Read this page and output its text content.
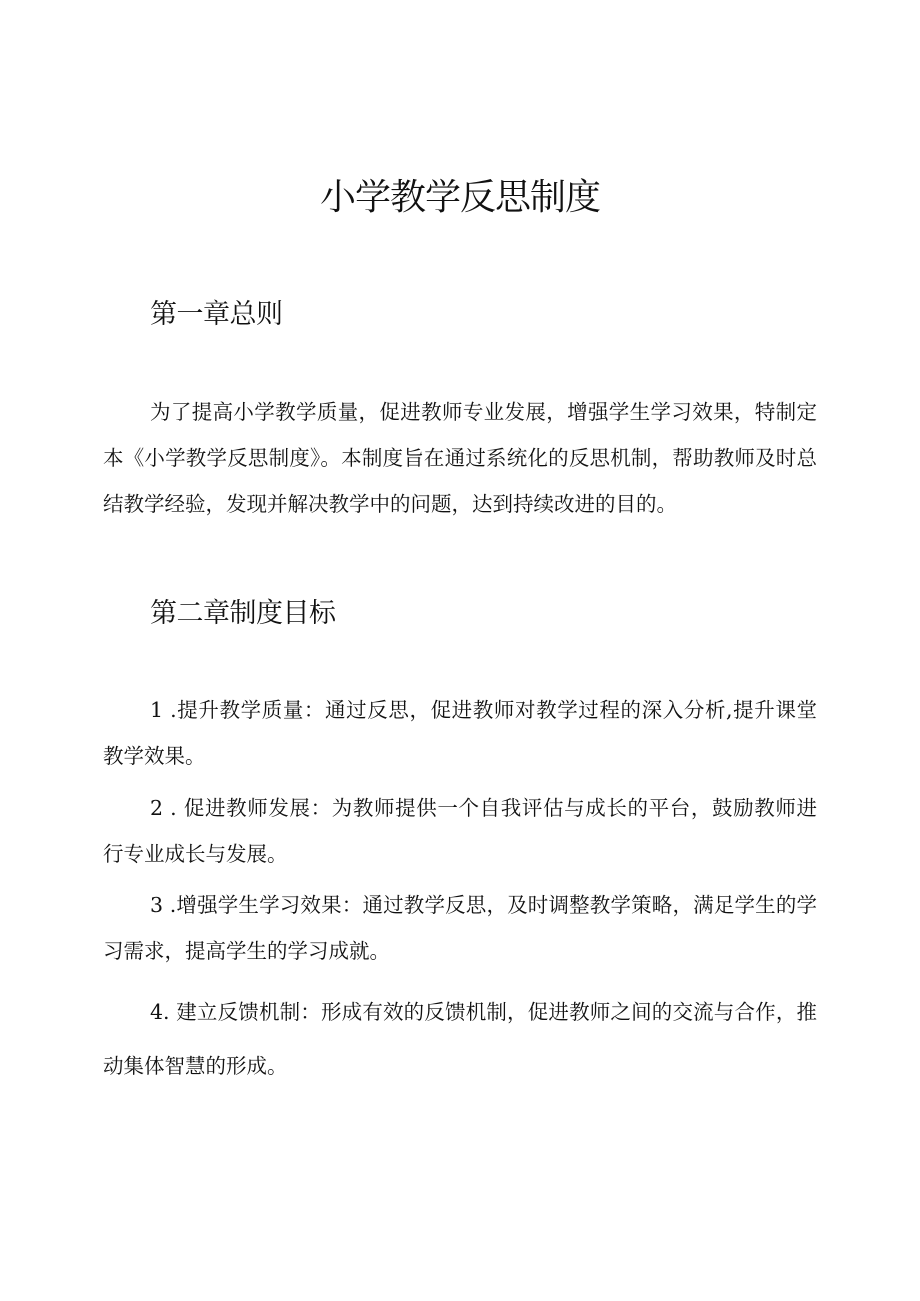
小学教学反思制度
第一章总则

为了提高小学教学质量，促进教师专业发展，增强学生学习效果，特制定本《小学教学反思制度》。本制度旨在通过系统化的反思机制，帮助教师及时总结教学经验，发现并解决教学中的问题，达到持续改进的目的。

第二章制度目标

1 .提升教学质量：通过反思，促进教师对教学过程的深入分析,提升课堂教学效果。

2 . 促进教师发展：为教师提供一个自我评估与成长的平台，鼓励教师进行专业成长与发展。

3 .增强学生学习效果：通过教学反思，及时调整教学策略，满足学生的学习需求，提高学生的学习成就。

4. 建立反馈机制：形成有效的反馈机制，促进教师之间的交流与合作，推动集体智慧的形成。
